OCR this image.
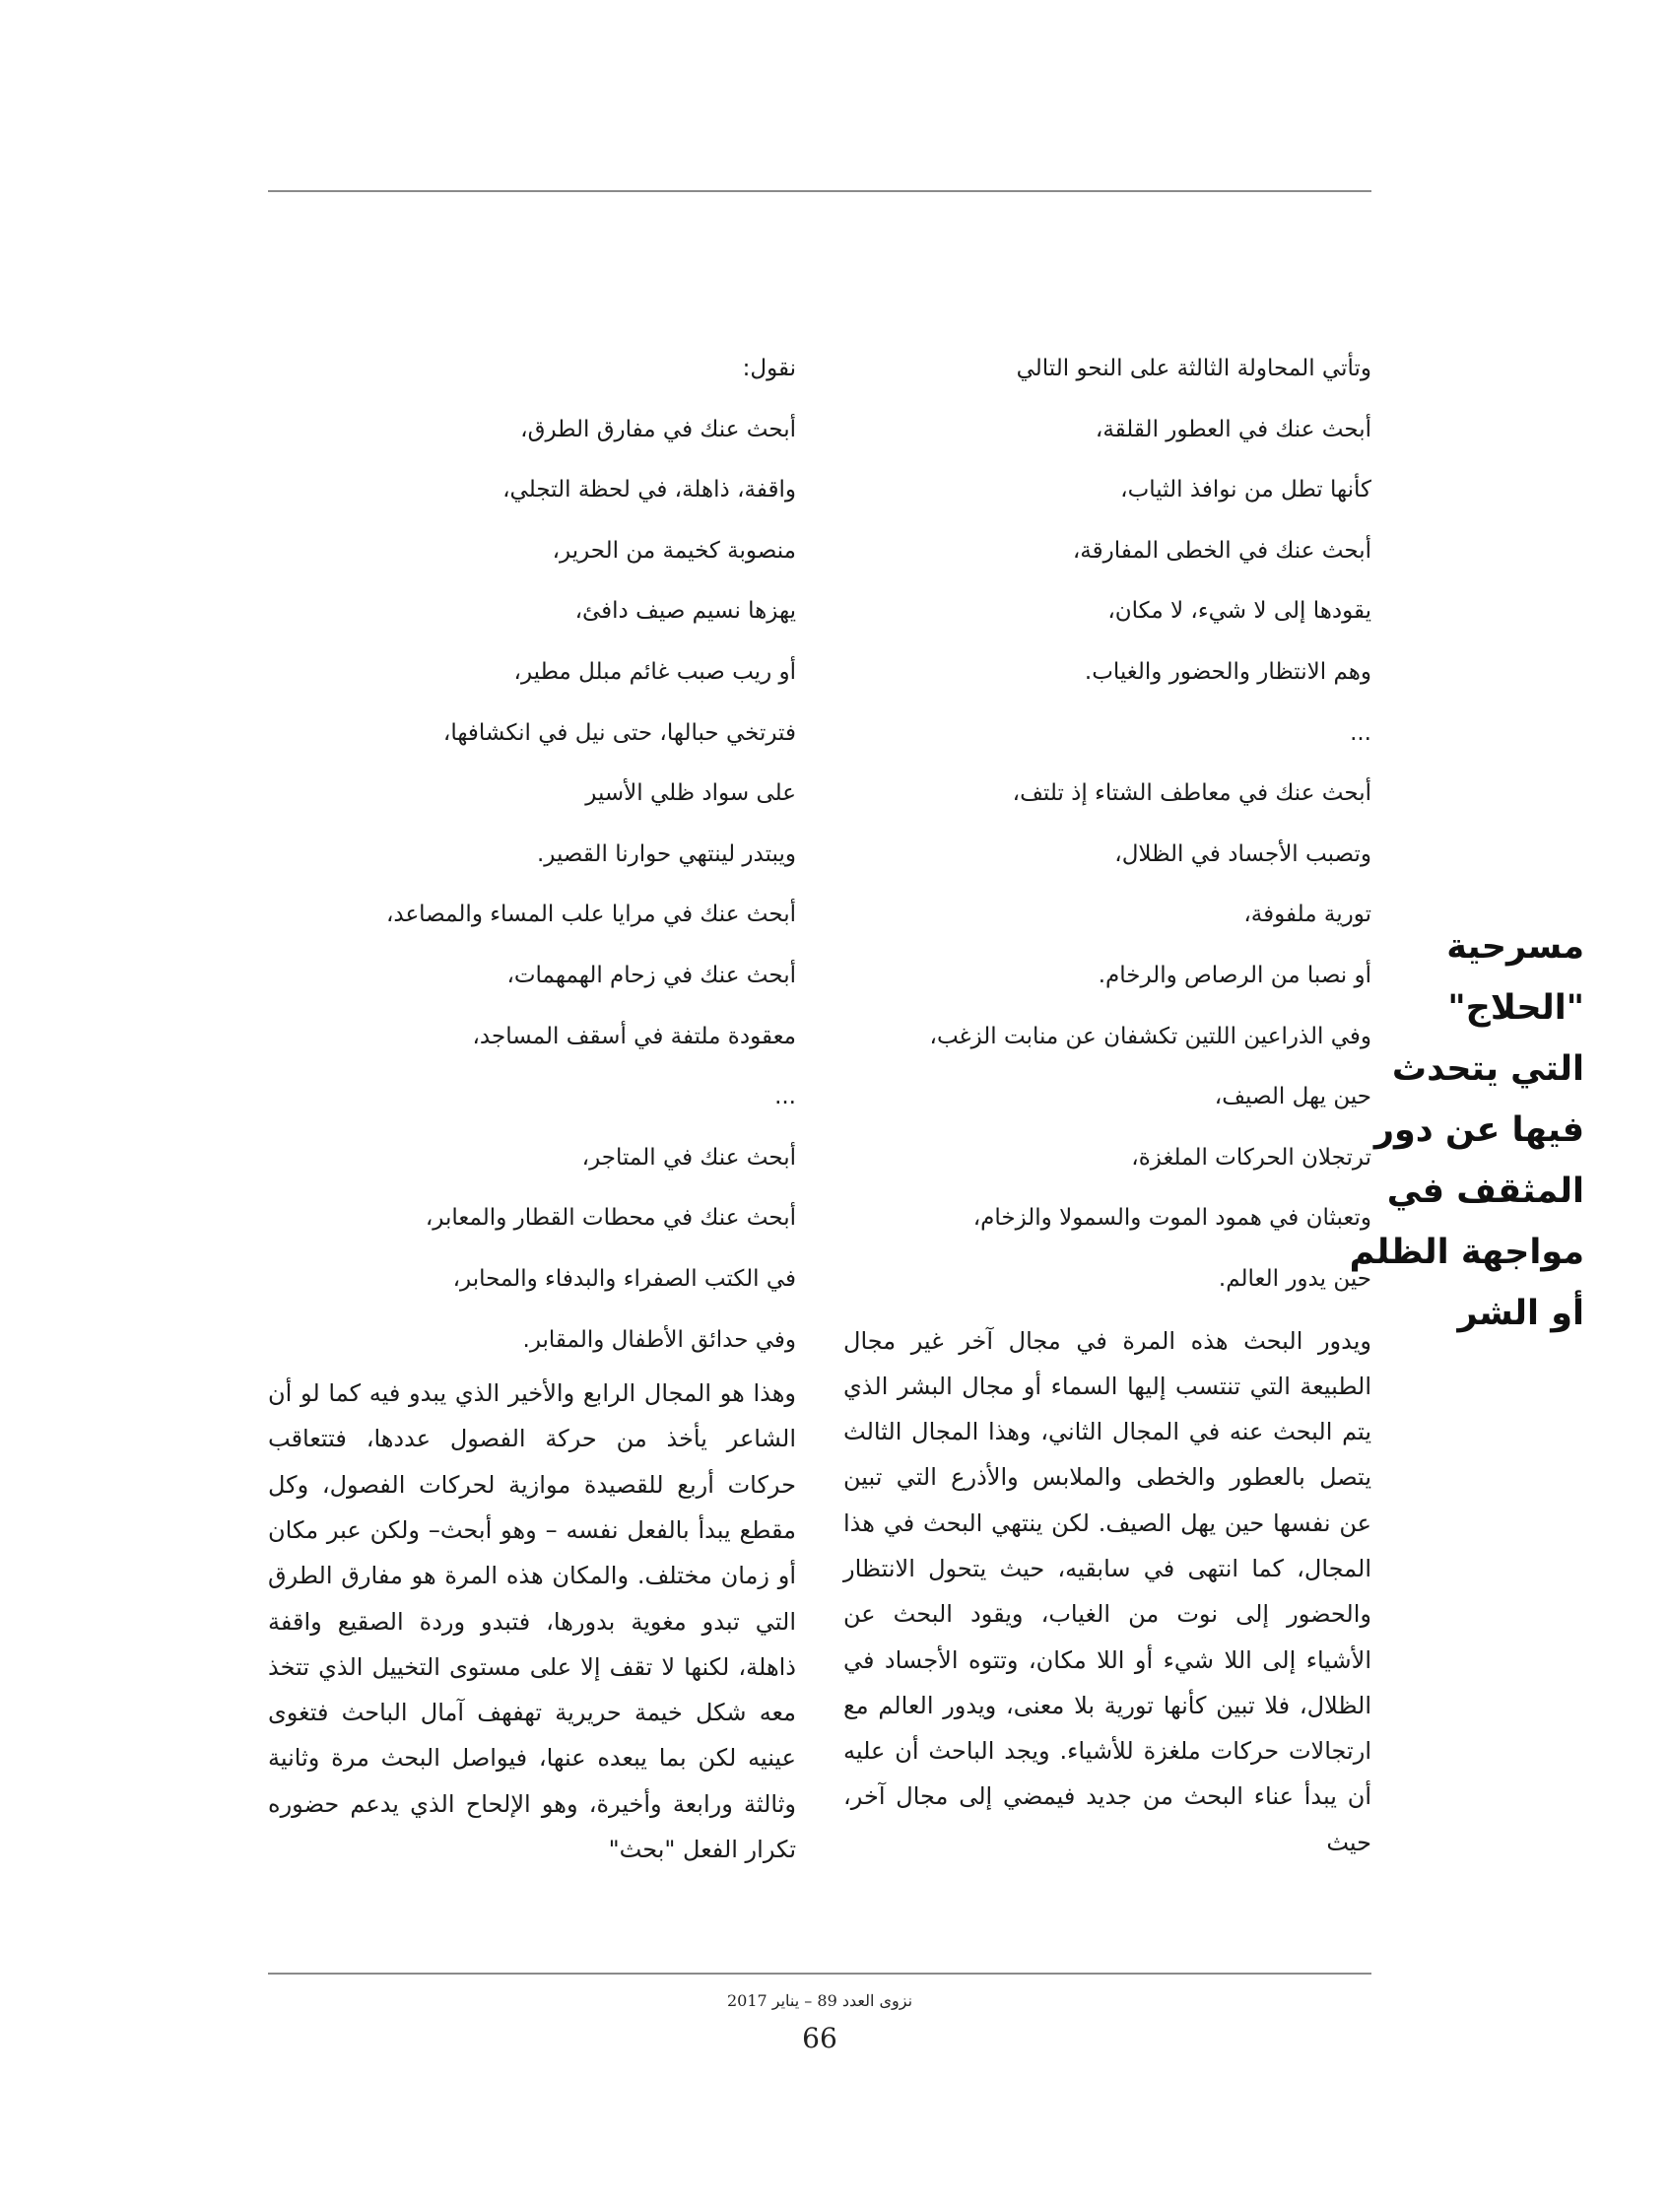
وتأتي المحاولة الثالثة على النحو التالي
أبحث عنك في العطور القلقة،
كأنها تطل من نوافذ الثياب،
أبحث عنك في الخطى المفارقة،
يقودها إلى لا شيء، لا مكان،
وهم الانتظار والحضور والغياب.
...
أبحث عنك في معاطف الشتاء إذ تلتف،
وتصبب الأجساد في الظلال،
تورية ملفوفة،
أو نصبا من الرصاص والرخام.
وفي الذراعين اللتين تكشفان عن منابت الزغب،
حين يهل الصيف،
ترتجلان الحركات الملغزة،
وتعبثان في همود الموت والسمولا والزخام،
حين يدور العالم.

ويدور البحث هذه المرة في مجال آخر غير مجال الطبيعة التي تنتسب إليها السماء أو مجال البشر الذي يتم البحث عنه في المجال الثاني، وهذا المجال الثالث يتصل بالعطور والخطى والملابس والأذرع التي تبين عن نفسها حين يهل الصيف. لكن ينتهي البحث في هذا المجال، كما انتهى في سابقيه، حيث يتحول الانتظار والحضور إلى نوت من الغياب، ويقود البحث عن الأشياء إلى اللا شيء أو اللا مكان، وتتوه الأجساد في الظلال، فلا تبين كأنها تورية بلا معنى، ويدور العالم مع ارتجالات حركات ملغزة للأشياء. ويجد الباحث أن عليه أن يبدأ عناء البحث من جديد فيمضي إلى مجال آخر، حيث

نقول:
أبحث عنك في مفارق الطرق،
واقفة، ذاهلة، في لحظة التجلي،
منصوبة كخيمة من الحرير،
يهزها نسيم صيف دافئ،
أو ريب صبب غائم مبلل مطير،
فترتخي حبالها، حتى نيل في انكشافها،
على سواد ظلي الأسير
ويبتدر لينتهي حوارنا القصير.
أبحث عنك في مرايا علب المساء والمصاعد،
أبحث عنك في زحام الهمهمات،
معقودة ملتفة في أسقف المساجد،
...
أبحث عنك في المتاجر،
أبحث عنك في محطات القطار والمعابر،
في الكتب الصفراء والبدفاء والمحابر،
وفي حدائق الأطفال والمقابر.

وهذا هو المجال الرابع والأخير الذي يبدو فيه كما لو أن الشاعر يأخذ من حركة الفصول عددها، فتتعاقب حركات أربع للقصيدة موازية لحركات الفصول، وكل مقطع يبدأ بالفعل نفسه – وهو أبحث– ولكن عبر مكان أو زمان مختلف. والمكان هذه المرة هو مفارق الطرق التي تبدو مغوية بدورها، فتبدو وردة الصقيع واقفة ذاهلة، لكنها لا تقف إلا على مستوى التخييل الذي تتخذ معه شكل خيمة حريرية تهفهف آمال الباحث فتغوى عينيه لكن بما يبعده عنها، فيواصل البحث مرة وثانية وثالثة ورابعة وأخيرة، وهو الإلحاح الذي يدعم حضوره تكرار الفعل "بحث"

مسرحية
"الحلاج"
التي يتحدث
فيها عن دور
المثقف في
مواجهة الظلم
أو الشر
نزوى العدد 89 – يناير 2017
66
